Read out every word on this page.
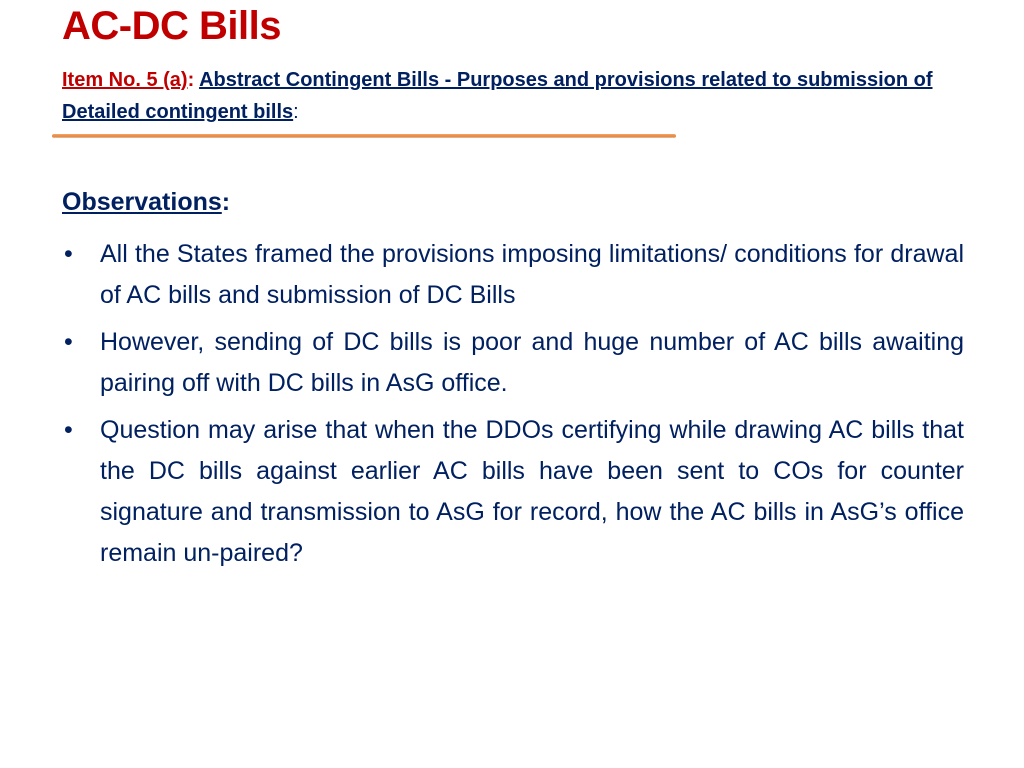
AC-DC Bills
Item No. 5 (a): Abstract Contingent Bills - Purposes and provisions related to submission of Detailed contingent bills:
Observations:
• All the States framed the provisions imposing limitations/ conditions for drawal of AC bills and submission of DC Bills
• However, sending of DC bills is poor and huge number of AC bills awaiting pairing off with DC bills in AsG office.
• Question may arise that when the DDOs certifying while drawing AC bills that the DC bills against earlier AC bills have been sent to COs for counter signature and transmission to AsG for record, how the AC bills in AsG’s office remain un-paired?
